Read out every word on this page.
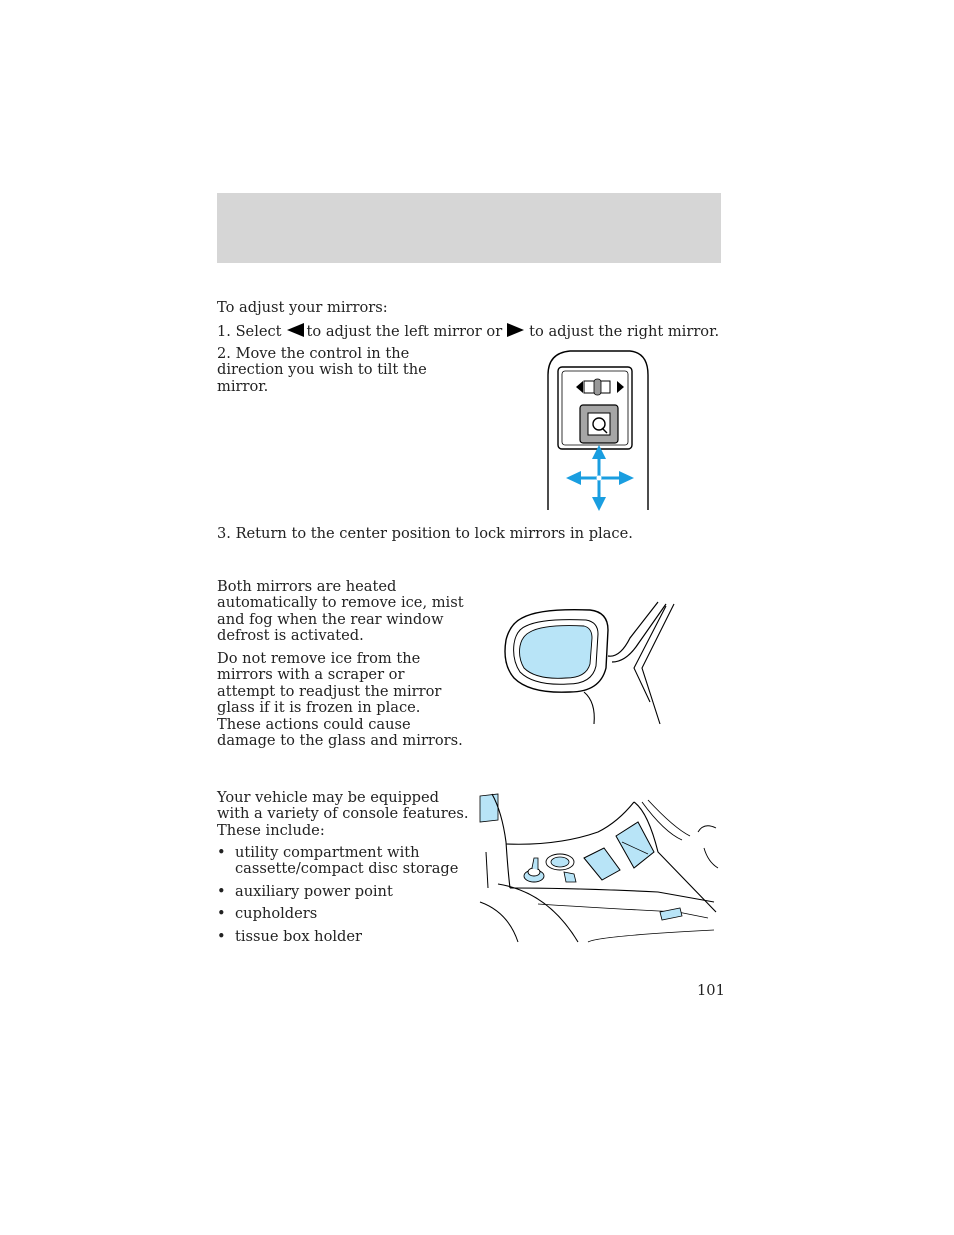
To adjust your mirrors:

1. Select to adjust the left mirror or to adjust the right mirror.

2. Move the control in the direction you wish to tilt the mirror.

3. Return to the center position to lock mirrors in place.

Both mirrors are heated automatically to remove ice, mist and fog when the rear window defrost is activated.

Do not remove ice from the mirrors with a scraper or attempt to readjust the mirror glass if it is frozen in place. These actions could cause damage to the glass and mirrors.

Your vehicle may be equipped with a variety of console features. These include:

• utility compartment with cassette/compact disc storage
• auxiliary power point
• cupholders
• tissue box holder

101
